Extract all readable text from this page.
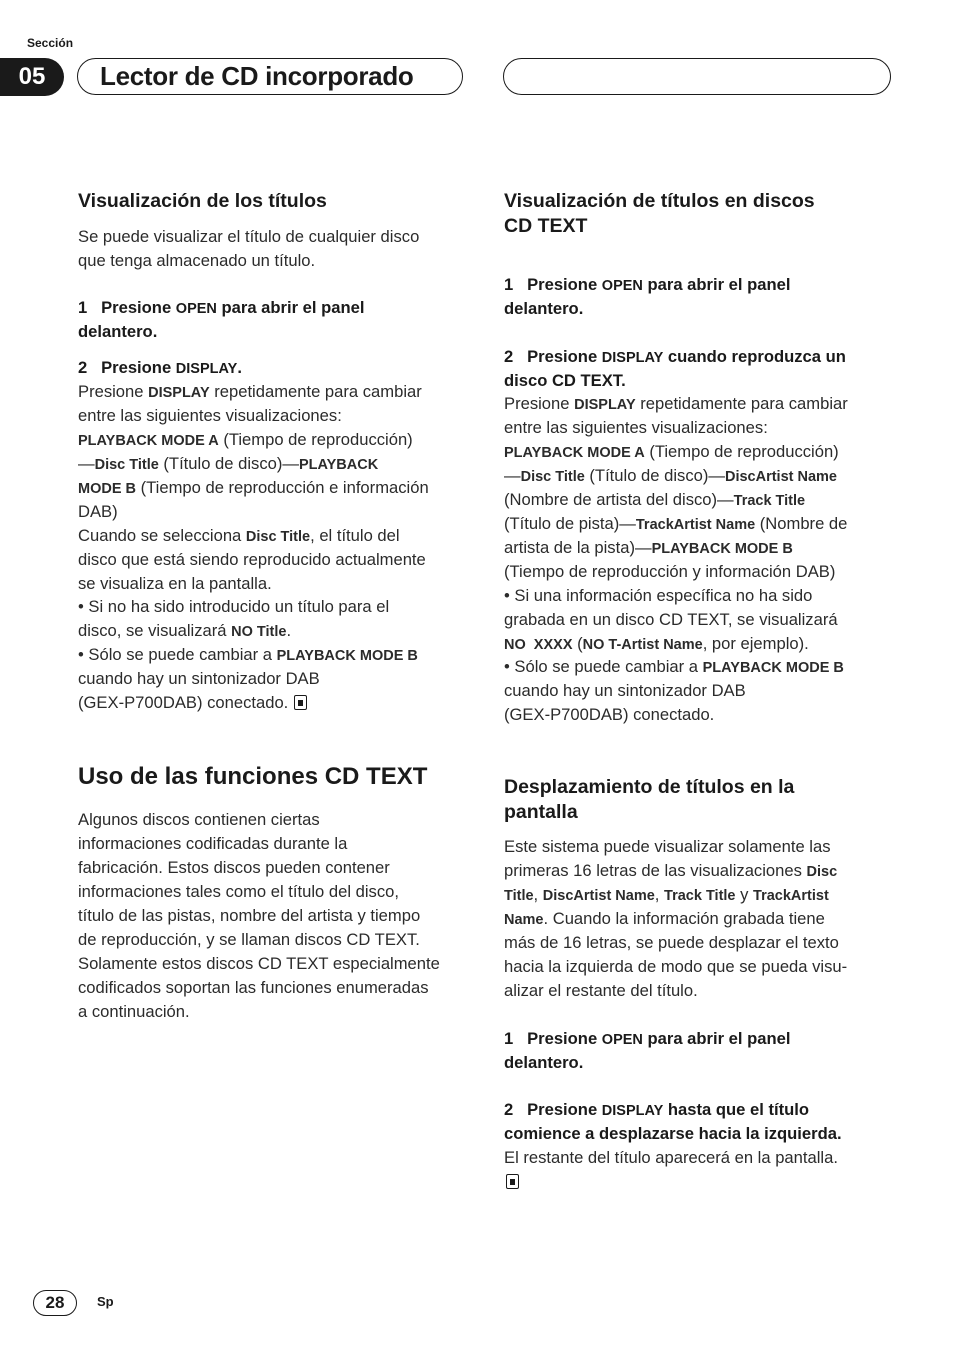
Sección
05	Lector de CD incorporado
Visualización de los títulos
Se puede visualizar el título de cualquier disco
que tenga almacenado un título.
1 Presione OPEN para abrir el panel
delantero.
2 Presione DISPLAY.
Presione DISPLAY repetidamente para cambiar
entre las siguientes visualizaciones:
PLAYBACK MODE A (Tiempo de reproducción)
—Disc Title (Título de disco)—PLAYBACK
MODE B (Tiempo de reproducción e información
DAB)
Cuando se selecciona Disc Title, el título del
disco que está siendo reproducido actualmente
se visualiza en la pantalla.
• Si no ha sido introducido un título para el
disco, se visualizará NO Title.
• Sólo se puede cambiar a PLAYBACK MODE B
cuando hay un sintonizador DAB
(GEX-P700DAB) conectado.
Uso de las funciones CD TEXT
Algunos discos contienen ciertas
informaciones codificadas durante la
fabricación. Estos discos pueden contener
informaciones tales como el título del disco,
título de las pistas, nombre del artista y tiempo
de reproducción, y se llaman discos CD TEXT.
Solamente estos discos CD TEXT especialmente
codificados soportan las funciones enumeradas
a continuación.
Visualización de títulos en discos
CD TEXT
1 Presione OPEN para abrir el panel
delantero.
2 Presione DISPLAY cuando reproduzca un
disco CD TEXT.
Presione DISPLAY repetidamente para cambiar
entre las siguientes visualizaciones:
PLAYBACK MODE A (Tiempo de reproducción)
—Disc Title (Título de disco)—DiscArtist Name
(Nombre de artista del disco)—Track Title
(Título de pista)—TrackArtist Name (Nombre de
artista de la pista)—PLAYBACK MODE B
(Tiempo de reproducción y información DAB)
• Si una información específica no ha sido
grabada en un disco CD TEXT, se visualizará
NO  XXXX (NO T-Artist Name, por ejemplo).
• Sólo se puede cambiar a PLAYBACK MODE B
cuando hay un sintonizador DAB
(GEX-P700DAB) conectado.
Desplazamiento de títulos en la
pantalla
Este sistema puede visualizar solamente las
primeras 16 letras de las visualizaciones Disc
Title, DiscArtist Name, Track Title y TrackArtist
Name. Cuando la información grabada tiene
más de 16 letras, se puede desplazar el texto
hacia la izquierda de modo que se pueda visu-
alizar el restante del título.
1 Presione OPEN para abrir el panel
delantero.
2 Presione DISPLAY hasta que el título
comience a desplazarse hacia la izquierda.
El restante del título aparecerá en la pantalla.
28	Sp
